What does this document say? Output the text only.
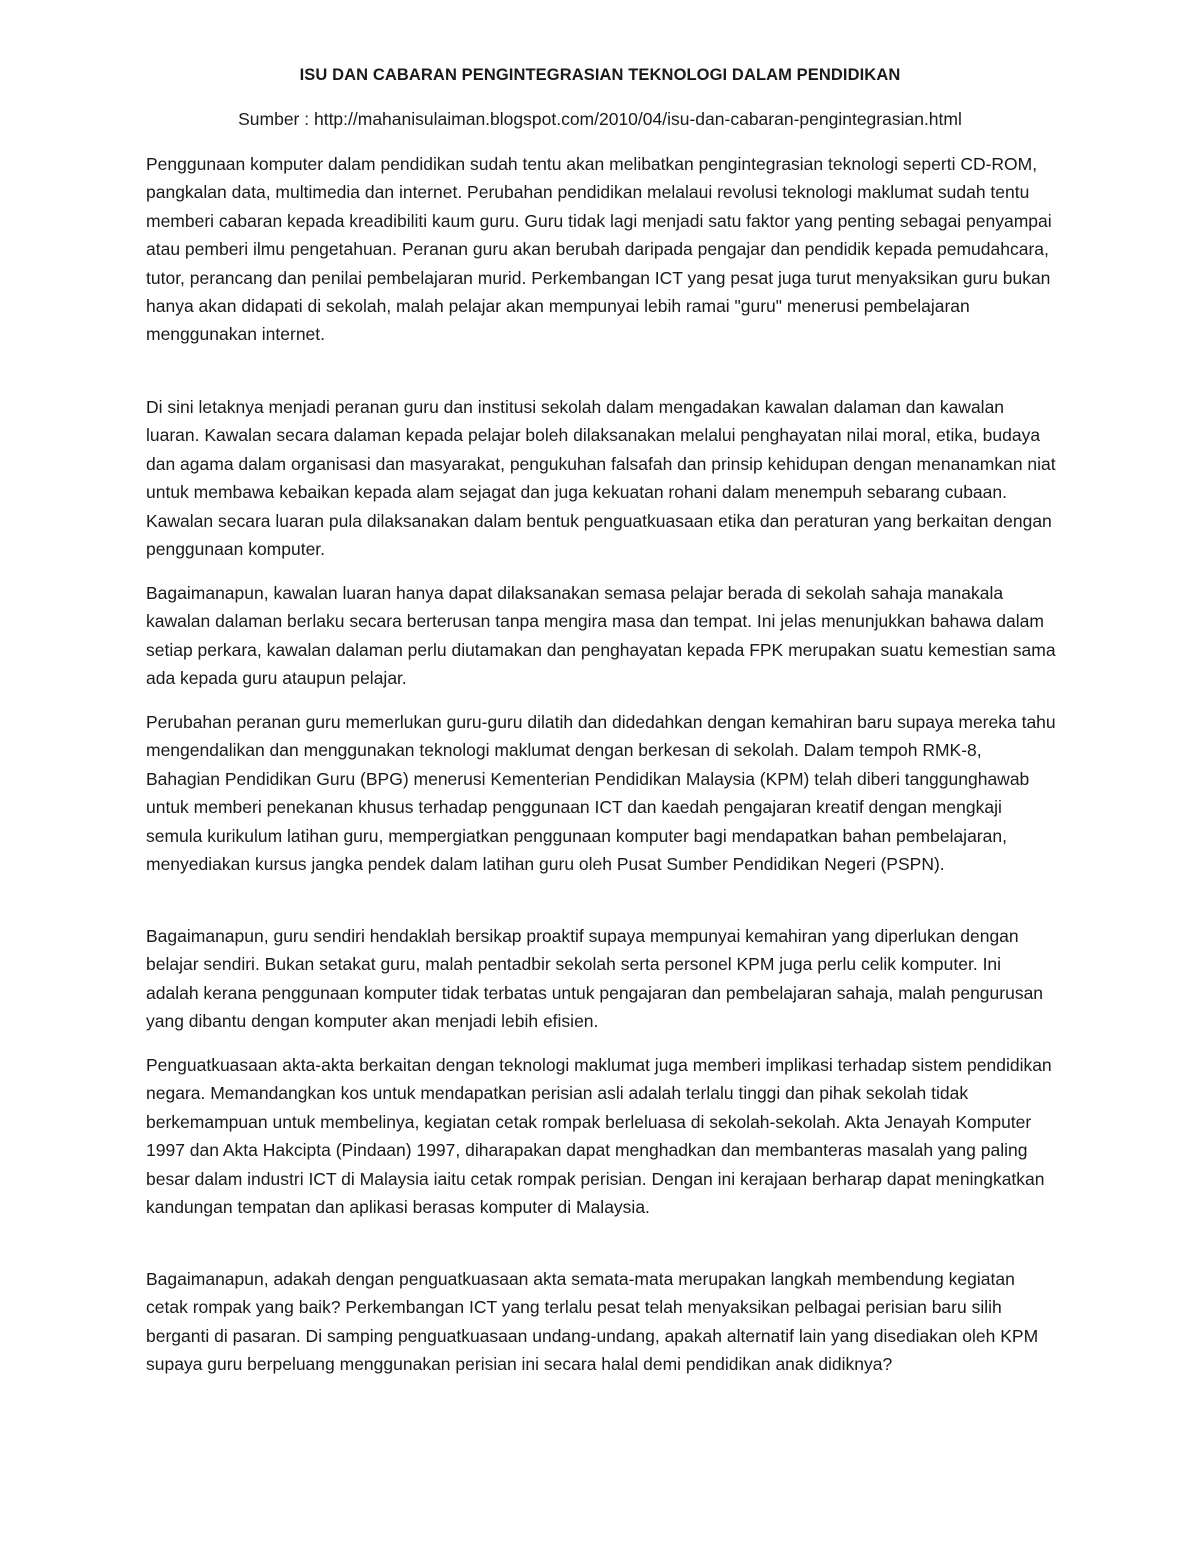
ISU DAN CABARAN PENGINTEGRASIAN TEKNOLOGI DALAM PENDIDIKAN

Sumber : http://mahanisulaiman.blogspot.com/2010/04/isu-dan-cabaran-pengintegrasian.html

Penggunaan komputer dalam pendidikan sudah tentu akan melibatkan pengintegrasian teknologi seperti CD-ROM, pangkalan data, multimedia dan internet. Perubahan pendidikan melalaui revolusi teknologi maklumat sudah tentu memberi cabaran kepada kreadibiliti kaum guru. Guru tidak lagi menjadi satu faktor yang penting sebagai penyampai atau pemberi ilmu pengetahuan. Peranan guru akan berubah daripada pengajar dan pendidik kepada pemudahcara, tutor, perancang dan penilai pembelajaran murid. Perkembangan ICT yang pesat juga turut menyaksikan guru bukan hanya akan didapati di sekolah, malah pelajar akan mempunyai lebih ramai "guru" menerusi pembelajaran menggunakan internet.

Di sini letaknya menjadi peranan guru dan institusi sekolah dalam mengadakan kawalan dalaman dan kawalan luaran. Kawalan secara dalaman kepada pelajar boleh dilaksanakan melalui penghayatan nilai moral, etika, budaya dan agama dalam organisasi dan masyarakat, pengukuhan falsafah dan prinsip kehidupan dengan menanamkan niat untuk membawa kebaikan kepada alam sejagat dan juga kekuatan rohani dalam menempuh sebarang cubaan. Kawalan secara luaran pula dilaksanakan dalam bentuk penguatkuasaan etika dan peraturan yang berkaitan dengan penggunaan komputer.

Bagaimanapun, kawalan luaran hanya dapat dilaksanakan semasa pelajar berada di sekolah sahaja manakala kawalan dalaman berlaku secara berterusan tanpa mengira masa dan tempat. Ini jelas menunjukkan bahawa dalam setiap perkara, kawalan dalaman perlu diutamakan dan penghayatan kepada FPK merupakan suatu kemestian sama ada kepada guru ataupun pelajar.

Perubahan peranan guru memerlukan guru-guru dilatih dan didedahkan dengan kemahiran baru supaya mereka tahu mengendalikan dan menggunakan teknologi maklumat dengan berkesan di sekolah. Dalam tempoh RMK-8, Bahagian Pendidikan Guru (BPG) menerusi Kementerian Pendidikan Malaysia (KPM) telah diberi tanggunghawab untuk memberi penekanan khusus terhadap penggunaan ICT dan kaedah pengajaran kreatif dengan mengkaji semula kurikulum latihan guru, mempergiatkan penggunaan komputer bagi mendapatkan bahan pembelajaran, menyediakan kursus jangka pendek dalam latihan guru oleh Pusat Sumber Pendidikan Negeri (PSPN).

Bagaimanapun, guru sendiri hendaklah bersikap proaktif supaya mempunyai kemahiran yang diperlukan dengan belajar sendiri. Bukan setakat guru, malah pentadbir sekolah serta personel KPM juga perlu celik komputer. Ini adalah kerana penggunaan komputer tidak terbatas untuk pengajaran dan pembelajaran sahaja, malah pengurusan yang dibantu dengan komputer akan menjadi lebih efisien.

Penguatkuasaan akta-akta berkaitan dengan teknologi maklumat juga memberi implikasi terhadap sistem pendidikan negara. Memandangkan kos untuk mendapatkan perisian asli adalah terlalu tinggi dan pihak sekolah tidak berkemampuan untuk membelinya, kegiatan cetak rompak berleluasa di sekolah-sekolah. Akta Jenayah Komputer 1997 dan Akta Hakcipta (Pindaan) 1997, diharapakan dapat menghadkan dan membanteras masalah yang paling besar dalam industri ICT di Malaysia iaitu cetak rompak perisian. Dengan ini kerajaan berharap dapat meningkatkan kandungan tempatan dan aplikasi berasas komputer di Malaysia.

Bagaimanapun, adakah dengan penguatkuasaan akta semata-mata merupakan langkah membendung kegiatan cetak rompak yang baik? Perkembangan ICT yang terlalu pesat telah menyaksikan pelbagai perisian baru silih berganti di pasaran. Di samping penguatkuasaan undang-undang, apakah alternatif lain yang disediakan oleh KPM supaya guru berpeluang menggunakan perisian ini secara halal demi pendidikan anak didiknya?
